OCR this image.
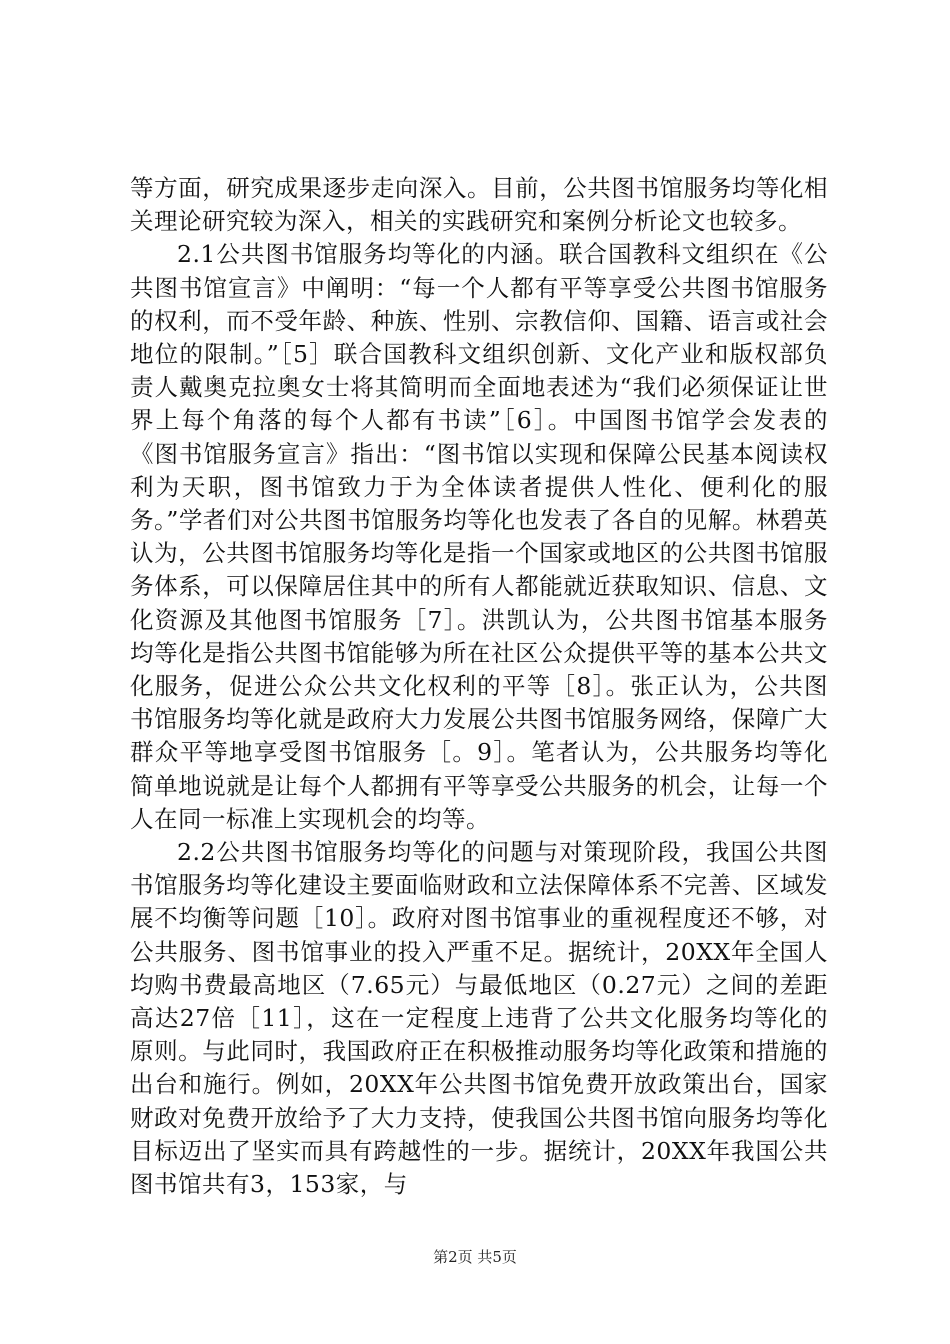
等方面，研究成果逐步走向深入。目前，公共图书馆服务均等化相关理论研究较为深入，相关的实践研究和案例分析论文也较多。

2.1公共图书馆服务均等化的内涵。联合国教科文组织在《公共图书馆宣言》中阐明：“每一个人都有平等享受公共图书馆服务的权利，而不受年龄、种族、性别、宗教信仰、国籍、语言或社会地位的限制。”［5］联合国教科文组织创新、文化产业和版权部负责人戴奥克拉奥女士将其简明而全面地表述为“我们必须保证让世界上每个角落的每个人都有书读”［6］。中国图书馆学会发表的《图书馆服务宣言》指出：“图书馆以实现和保障公民基本阅读权利为天职，图书馆致力于为全体读者提供人性化、便利化的服务。”学者们对公共图书馆服务均等化也发表了各自的见解。林碧英认为，公共图书馆服务均等化是指一个国家或地区的公共图书馆服务体系，可以保障居住其中的所有人都能就近获取知识、信息、文化资源及其他图书馆服务［7］。洪凯认为，公共图书馆基本服务均等化是指公共图书馆能够为所在社区公众提供平等的基本公共文化服务，促进公众公共文化权利的平等［8］。张正认为，公共图书馆服务均等化就是政府大力发展公共图书馆服务网络，保障广大群众平等地享受图书馆服务［。9］。笔者认为，公共服务均等化简单地说就是让每个人都拥有平等享受公共服务的机会，让每一个人在同一标准上实现机会的均等。

2.2公共图书馆服务均等化的问题与对策现阶段，我国公共图书馆服务均等化建设主要面临财政和立法保障体系不完善、区域发展不均衡等问题［10］。政府对图书馆事业的重视程度还不够，对公共服务、图书馆事业的投入严重不足。据统计，20XX年全国人均购书费最高地区（7.65元）与最低地区（0.27元）之间的差距高达27倍［11］，这在一定程度上违背了公共文化服务均等化的原则。与此同时，我国政府正在积极推动服务均等化政策和措施的出台和施行。例如，20XX年公共图书馆免费开放政策出台，国家财政对免费开放给予了大力支持，使我国公共图书馆向服务均等化目标迈出了坚实而具有跨越性的一步。据统计，20XX年我国公共图书馆共有3，153家，与

第2页 共5页
